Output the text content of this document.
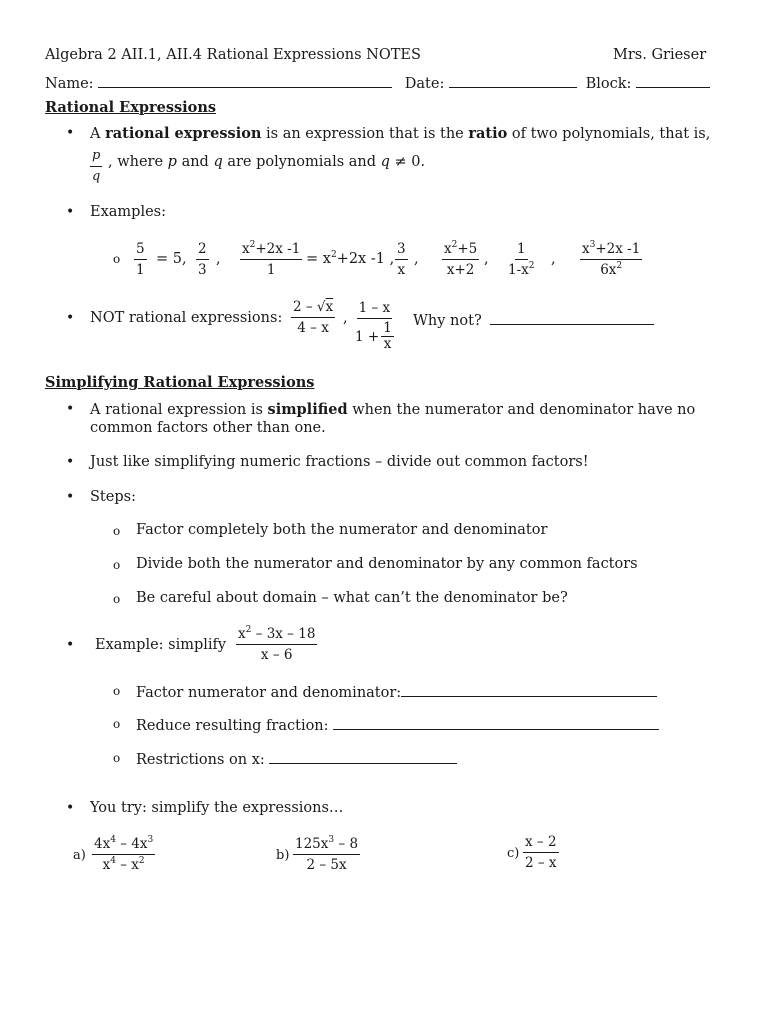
Algebra 2 AII.1, AII.4 Rational Expressions NOTES	Mrs. Grieser
Name:	Date:	Block:
Rational Expressions
• A rational expression is an expression that is the ratio of two polynomials, that is,
$\frac{p}{q}$ , where p and q are polynomials and q ≠ 0.
• Examples:
o $\frac{5}{1} = 5$, $\frac{2}{3}$ , $\frac{x^2+2x -1}{1} = x^2+2x$ -1 , $\frac{3}{x}$ , $\frac{x^2+5}{x+2}$ , $\frac{1}{1-x^2}$ , $\frac{x^3+2x -1}{6x^2}$
• NOT rational expressions: $\frac{2 - √x}{4 - x}$ , 1 – x
1 +
1
x Why not?
Simplifying Rational Expressions
• A rational expression is simplified when the numerator and denominator have no
common factors other than one.
• Just like simplifying numeric fractions – divide out common factors!
• Steps:
o Factor completely both the numerator and denominator
o Divide both the numerator and denominator by any common factors
o Be careful about domain – what can’t the denominator be?
• Example: simplify $\frac{x^2 - 3x - 18}{x - 6}$
o Factor numerator and denominator:
o Reduce resulting fraction:
o Restrictions on x:
• You try: simplify the expressions…
$a) \frac{4x^4 - 4x^3}{x^4 - x^2}$	$b) \frac{125x^3 - 8}{2 - 5x}$	$c) \frac{x - 2}{2 - x}$
